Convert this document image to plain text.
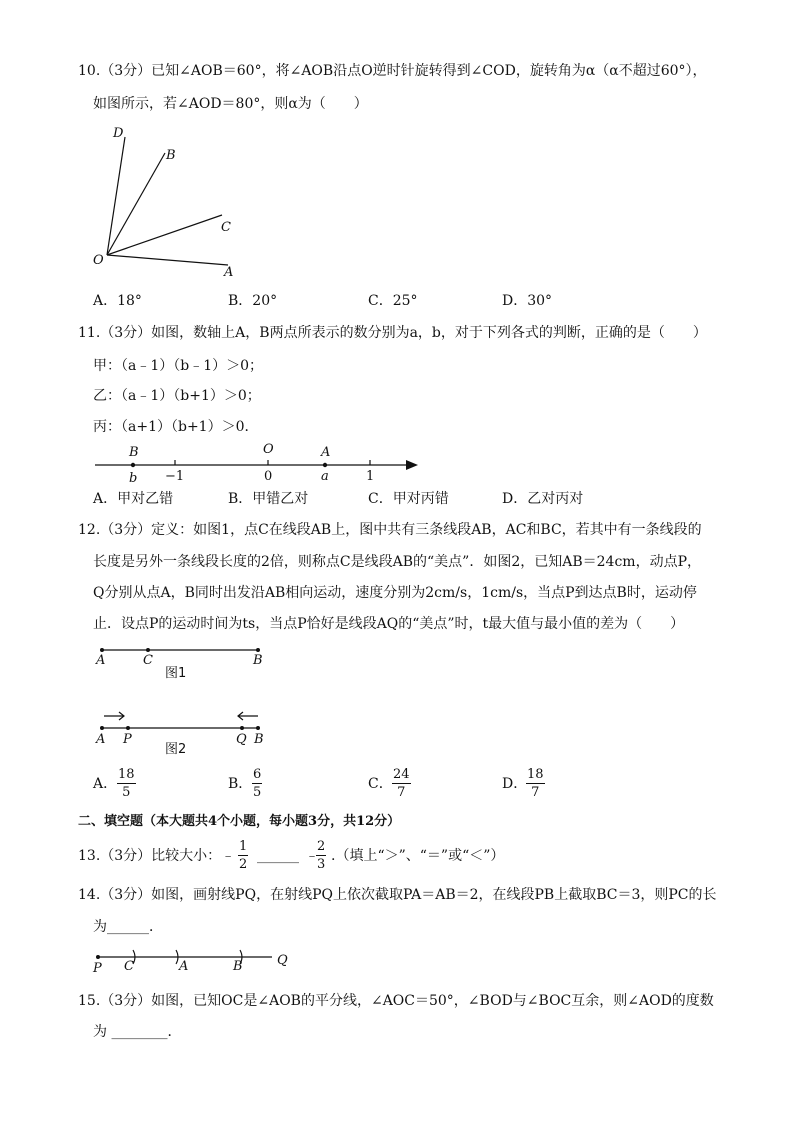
10.（3分）已知∠AOB＝60°，将∠AOB沿点O逆时针旋转得到∠COD，旋转角为α（α不超过60°），
如图所示，若∠AOD＝80°，则α为（　　）
D
B
C
O
A
A．18°	B．20°	C．25°	D．30°
11.（3分）如图，数轴上A，B两点所表示的数分别为a，b，对于下列各式的判断，正确的是（　　）
甲：（a﹣1）（b﹣1）＞0；
乙：（a﹣1）（b+1）＞0；
丙：（a+1）（b+1）＞0．
B
b −1
O
0
A
a	1
A．甲对乙错	B．甲错乙对	C．甲对丙错	D．乙对丙对
12.（3分）定义：如图1，点C在线段AB上，图中共有三条线段AB，AC和BC，若其中有一条线段的
长度是另外一条线段长度的2倍，则称点C是线段AB的“美点”．如图2，已知AB＝24cm，动点P，
Q分别从点A，B同时出发沿AB相向运动，速度分别为2cm/s，1cm/s，当点P到达点B时，运动停
止．设点P的运动时间为ts，当点P恰好是线段AQ的“美点”时，t最大值与最小值的差为（　　）
A	C	B
图1
A P	Q B
图2
A．
18
5
B．
6
5
C．
24
7
D．
18
7
二、填空题（本大题共4个小题，每小题3分，共12分）
13.（3分）比较大小：﹣
1
2
______ ﹣
2
3
.（填上“＞”、“＝”或“＜”）
14.（3分）如图，画射线PQ，在射线PQ上依次截取PA＝AB＝2，在线段PB上截取BC＝3，则PC的长
为______．
P C	A	B	Q
15.（3分）如图，已知OC是∠AOB的平分线，∠AOC＝50°，∠BOD与∠BOC互余，则∠AOD的度数
为 ________．
